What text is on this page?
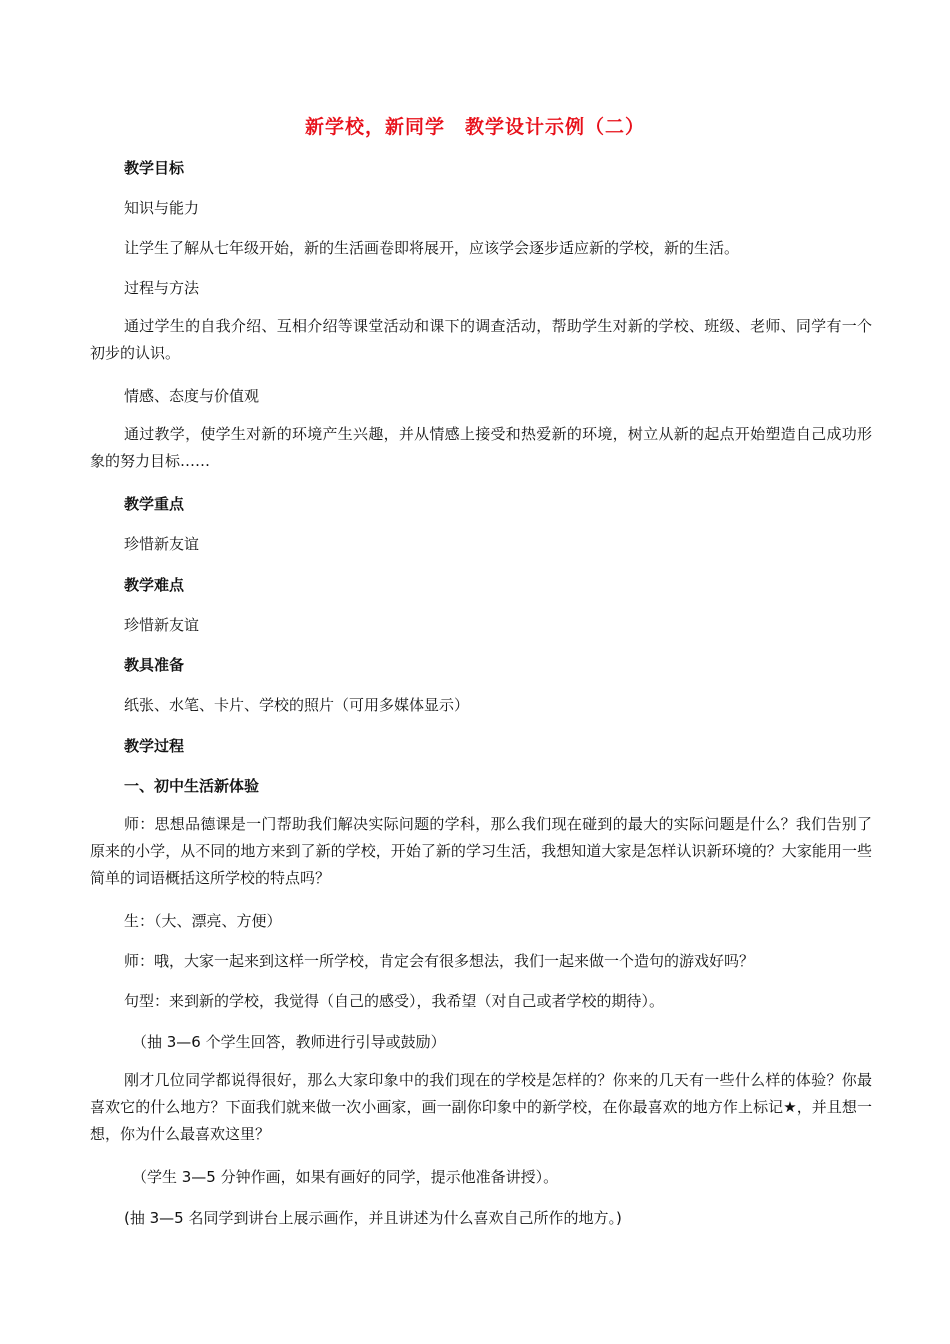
新学校，新同学　教学设计示例（二）
教学目标
知识与能力
让学生了解从七年级开始，新的生活画卷即将展开，应该学会逐步适应新的学校，新的生活。
过程与方法
通过学生的自我介绍、互相介绍等课堂活动和课下的调查活动，帮助学生对新的学校、班级、老师、同学有一个初步的认识。
情感、态度与价值观
通过教学，使学生对新的环境产生兴趣，并从情感上接受和热爱新的环境，树立从新的起点开始塑造自己成功形象的努力目标……
教学重点
珍惜新友谊
教学难点
珍惜新友谊
教具准备
纸张、水笔、卡片、学校的照片（可用多媒体显示）
教学过程
一、初中生活新体验
师：思想品德课是一门帮助我们解决实际问题的学科，那么我们现在碰到的最大的实际问题是什么？我们告别了原来的小学，从不同的地方来到了新的学校，开始了新的学习生活，我想知道大家是怎样认识新环境的？大家能用一些简单的词语概括这所学校的特点吗？
生：（大、漂亮、方便）
师：哦，大家一起来到这样一所学校，肯定会有很多想法，我们一起来做一个造句的游戏好吗？
句型：来到新的学校，我觉得（自己的感受），我希望（对自己或者学校的期待）。
（抽 3—6 个学生回答，教师进行引导或鼓励）
刚才几位同学都说得很好，那么大家印象中的我们现在的学校是怎样的？你来的几天有一些什么样的体验？你最喜欢它的什么地方？下面我们就来做一次小画家，画一副你印象中的新学校，在你最喜欢的地方作上标记★，并且想一想，你为什么最喜欢这里？
（学生 3—5 分钟作画，如果有画好的同学，提示他准备讲授）。
(抽 3—5 名同学到讲台上展示画作，并且讲述为什么喜欢自己所作的地方。)
